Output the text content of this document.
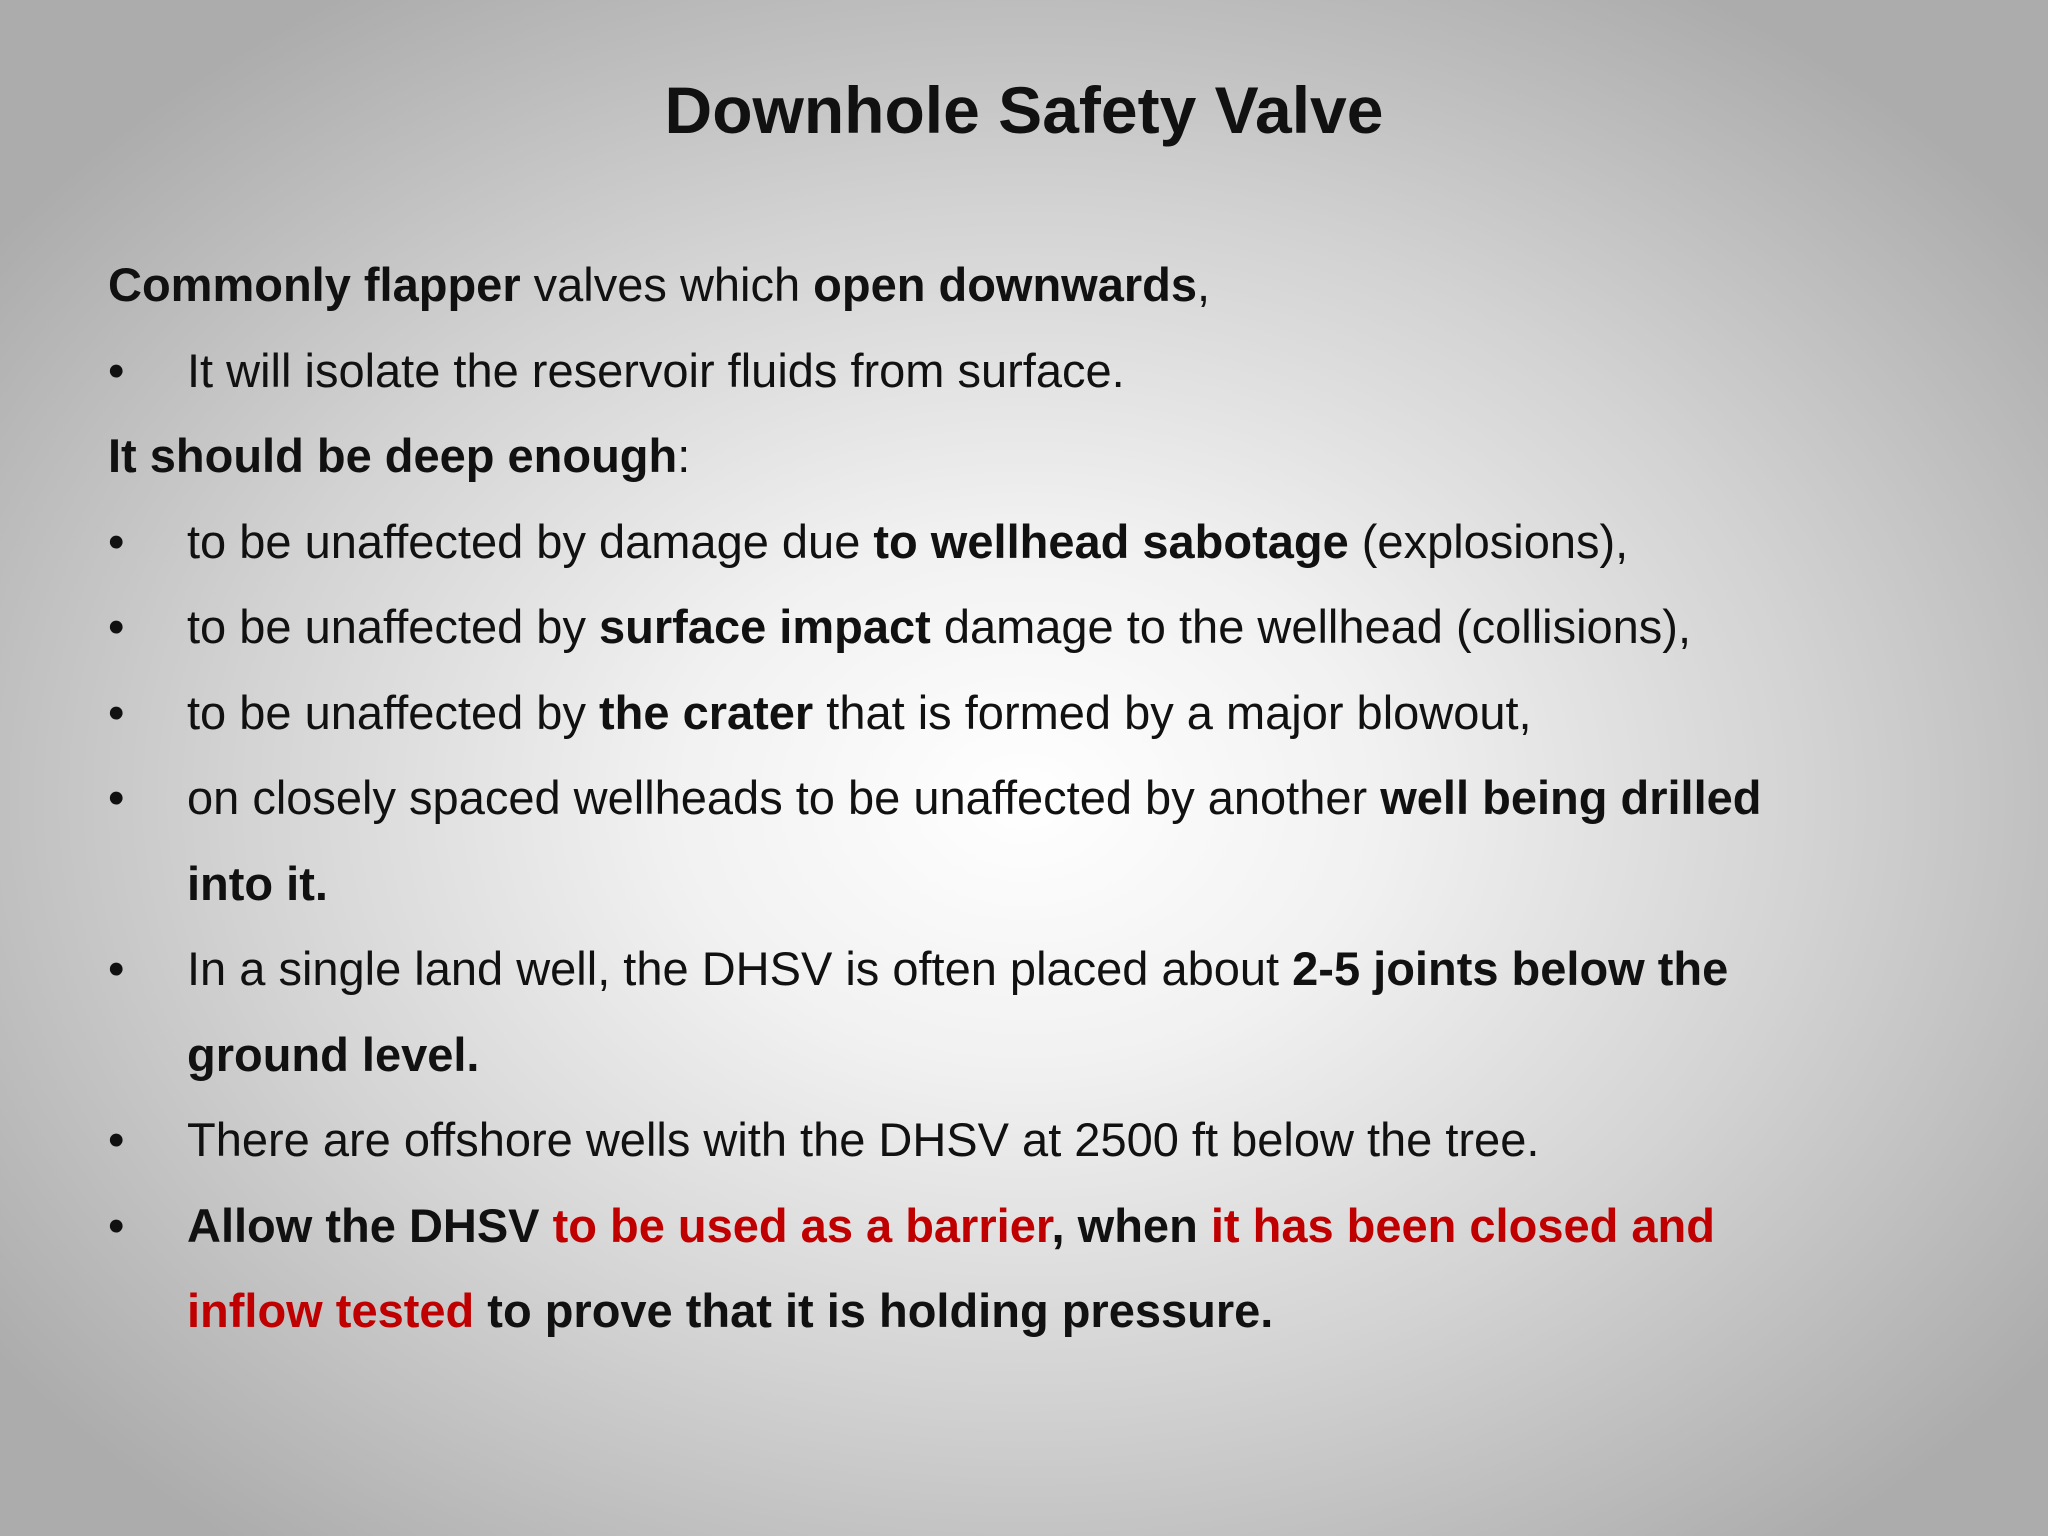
Downhole Safety Valve
Commonly flapper valves which open downwards,
•	It will isolate the reservoir fluids from surface.
It should be deep enough:
•	to be unaffected by damage due to wellhead sabotage (explosions),
•	to be unaffected by surface impact damage to the wellhead (collisions),
•	to be unaffected by the crater that is formed by a major blowout,
•	on closely spaced wellheads to be unaffected by another well being drilled
into it.
•	In a single land well, the DHSV is often placed about 2-5 joints below the
ground level.
•	There are offshore wells with the DHSV at 2500 ft below the tree.
•	Allow the DHSV to be used as a barrier, when it has been closed and
inflow tested to prove that it is holding pressure.
